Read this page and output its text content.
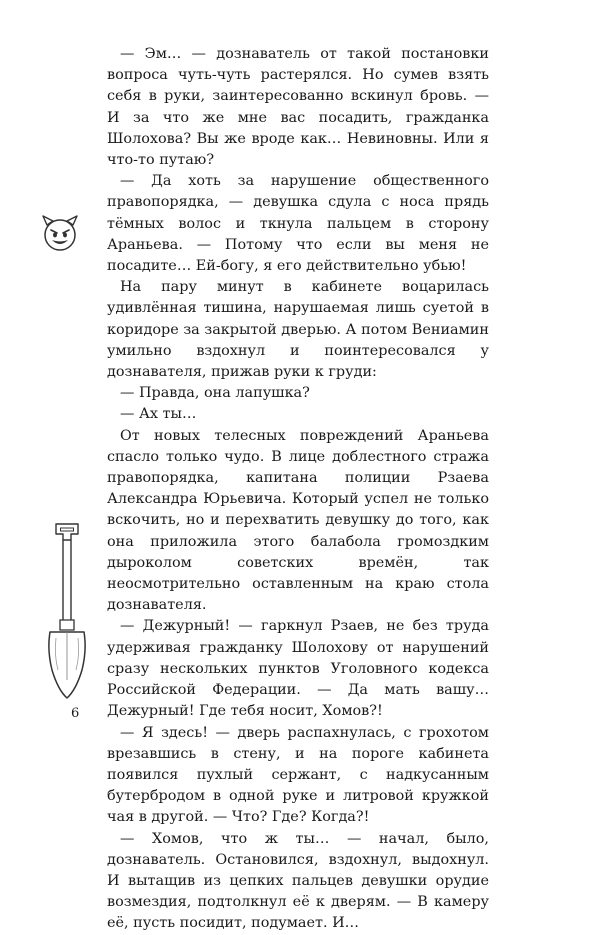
— Эм… — дознаватель от такой постановки вопроса чуть-чуть растерялся. Но сумев взять себя в руки, заинтересованно вскинул бровь. — И за что же мне вас посадить, гражданка Шолохова? Вы же вроде как… Невиновны. Или я что-то путаю?

— Да хоть за нарушение общественного правопорядка, — девушка сдула с носа прядь тёмных волос и ткнула пальцем в сторону Араньева. — Потому что если вы меня не посадите… Ей-богу, я его действительно убью!

На пару минут в кабинете воцарилась удивлённая тишина, нарушаемая лишь суетой в коридоре за закрытой дверью. А потом Вениамин умильно вздохнул и поинтересовался у дознавателя, прижав руки к груди:

— Правда, она лапушка?

— Ах ты…

От новых телесных повреждений Араньева спасло только чудо. В лице доблестного стража правопорядка, капитана полиции Рзаева Александра Юрьевича. Который успел не только вскочить, но и перехватить девушку до того, как она приложила этого балабола громоздким дыроколом советских времён, так неосмотрительно оставленным на краю стола дознавателя.

— Дежурный! — гаркнул Рзаев, не без труда удерживая гражданку Шолохову от нарушений сразу нескольких пунктов Уголовного кодекса Российской Федерации. — Да мать вашу… Дежурный! Где тебя носит, Хомов?!

— Я здесь! — дверь распахнулась, с грохотом врезавшись в стену, и на пороге кабинета появился пухлый сержант, с надкусанным бутербродом в одной руке и литровой кружкой чая в другой. — Что? Где? Когда?!

— Хомов, что ж ты… — начал, было, дознаватель. Остановился, вздохнул, выдохнул. И вытащив из цепких пальцев девушки орудие возмездия, подтолкнул её к дверям. — В камеру её, пусть посидит, подумает. И…

6
